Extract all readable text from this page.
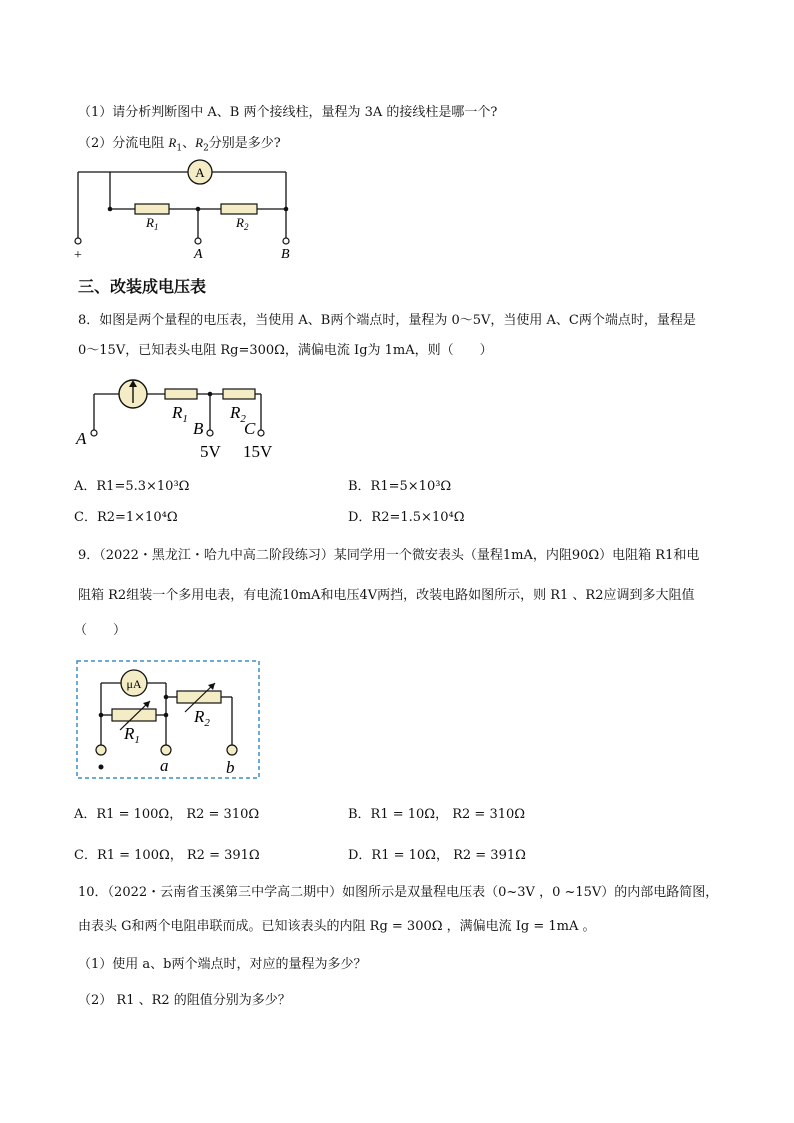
（1）请分析判断图中 A、B 两个接线柱，量程为 3A 的接线柱是哪一个?
（2）分流电阻 $R_1$、$R_2$分别是多少?
A
$R_1$	$R_2$
+	A	B
三、改装成电压表
8．如图是两个量程的电压表，当使用 A、B两个端点时，量程为 0～5V，当使用 A、C两个端点时，量程是
0～15V，已知表头电阻 Rg=300Ω，满偏电流 Ig为 1mA，则（　　）
$R_1$ $R_2$
A
B C
5V 15V
A．R1=5.3×10³Ω	B．R1=5×10³Ω
C．R2=1×10⁴Ω	D．R2=1.5×10⁴Ω
9．（2022・黑龙江・哈九中高二阶段练习）某同学用一个微安表头（量程1mA，内阻90Ω）电阻箱 R1和电
阻箱 R2组装一个多用电表，有电流10mA和电压4V两挡，改装电路如图所示，则 R1 、R2应调到多大阻值
（　　）
μA
$R_1$
$R_2$
a	b
A．R1 = 100Ω， R2 = 310Ω	B．R1 = 10Ω， R2 = 310Ω
C．R1 = 100Ω， R2 = 391Ω	D．R1 = 10Ω， R2 = 391Ω
10．（2022・云南省玉溪第三中学高二期中）如图所示是双量程电压表（0~3V ，0 ~15V）的内部电路简图，
由表头 G和两个电阻串联而成。已知该表头的内阻 Rg = 300Ω ，满偏电流 Ig = 1mA 。
（1）使用 a、b两个端点时，对应的量程为多少？
（2） R1 、R2 的阻值分别为多少？
